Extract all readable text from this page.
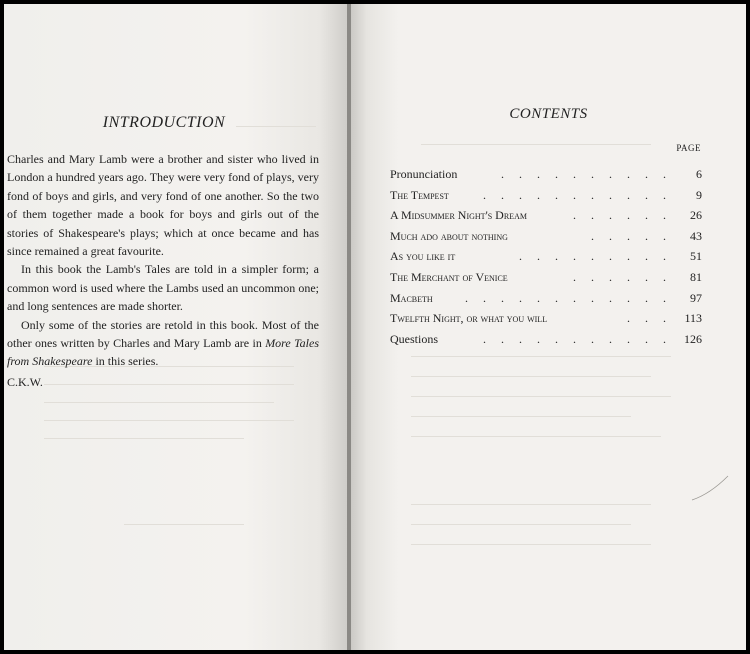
INTRODUCTION

Charles and Mary Lamb were a brother and sister who lived in London a hundred years ago. They were very fond of plays, very fond of boys and girls, and very fond of one another. So the two of them together made a book for boys and girls out of the stories of Shakespeare's plays; which at once became and has since remained a great favourite.

In this book the Lamb's Tales are told in a simpler form; a common word is used where the Lambs used an uncommon one; and long sentences are made shorter.

Only some of the stories are retold in this book. Most of the other ones written by Charles and Mary Lamb are in More Tales from Shakespeare in this series.

C.K.W.

CONTENTS
PAGE
Pronunciation	. . . . . . . . . .	6
The Tempest	. . . . . . . . . . .	9
A Midsummer Night's Dream	. . . . . .	26
Much ado about nothing	. . . . .	43
As you like it	. . . . . . . . .	51
The Merchant of Venice	. . . . . .	81
Macbeth	. . . . . . . . . . . .	97
Twelfth Night, or what you will	. . .	113
Questions	. . . . . . . . . . .	126
